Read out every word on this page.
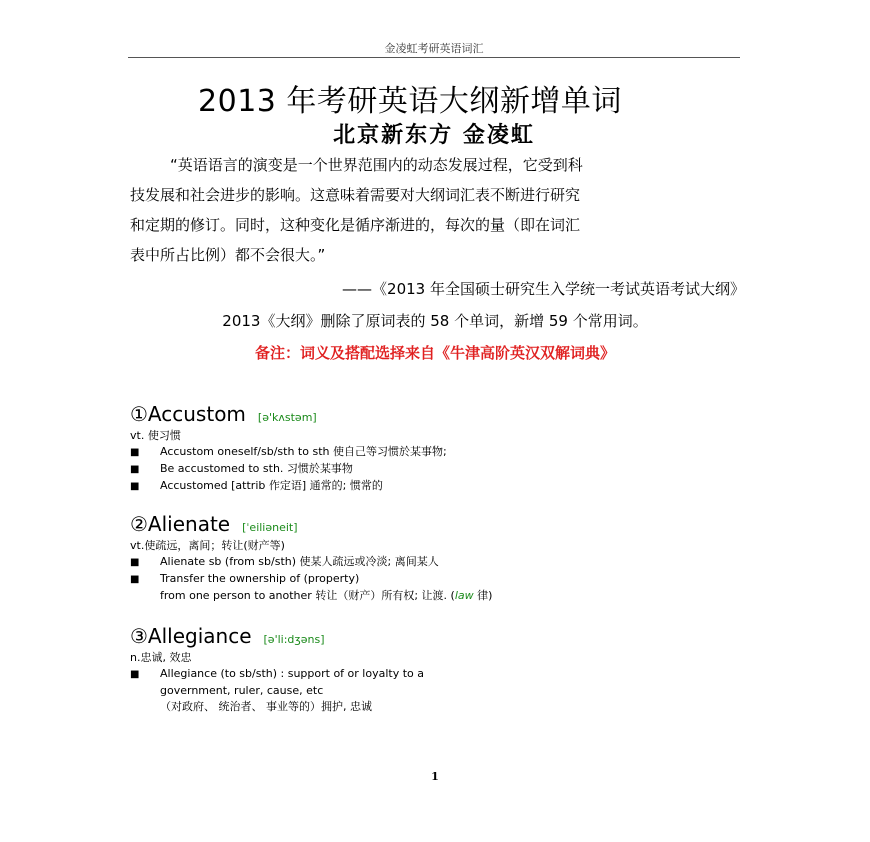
金凌虹考研英语词汇
2013 年考研英语大纲新增单词
北京新东方 金凌虹
“英语语言的演变是一个世界范围内的动态发展过程，它受到科
技发展和社会进步的影响。这意味着需要对大纲词汇表不断进行研究
和定期的修订。同时，这种变化是循序渐进的，每次的量（即在词汇
表中所占比例）都不会很大。”
——《2013 年全国硕士研究生入学统一考试英语考试大纲》
2013《大纲》删除了原词表的 58 个单词，新增 59 个常用词。
备注：词义及搭配选择来自《牛津高阶英汉双解词典》
①Accustom [ə'kʌstəm]
vt. 使习惯
■ Accustom oneself/sb/sth to sth 使自己等习惯於某事物;
■ Be accustomed to sth. 习惯於某事物
■ Accustomed [attrib 作定语] 通常的; 惯常的
②Alienate [ˈeiliəneit]
vt.使疏远，离间；转让(财产等)
■ Alienate sb (from sb/sth) 使某人疏远或冷淡; 离间某人
■ Transfer the ownership of (property)
from one person to another 转让（财产）所有权; 让渡. (law 律)
③Allegiance [ə'li:dʒəns]
n.忠诚, 效忠
■ Allegiance (to sb/sth) : support of or loyalty to a
government, ruler, cause, etc
（对政府、 统治者、 事业等的）拥护, 忠诚
1
